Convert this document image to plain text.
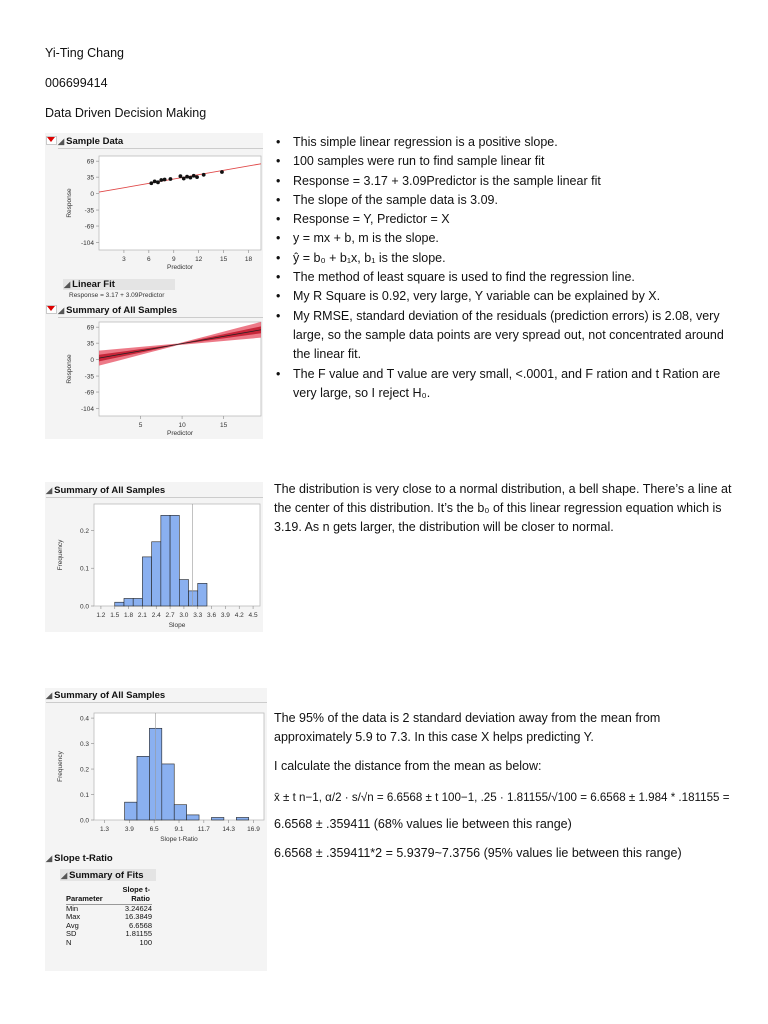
Yi-Ting Chang
006699414
Data Driven Decision Making
◢ Sample Data
69
35
0
-35
-69
-104
3	6	9	12	15	18
Predictor
Response
◢ Linear Fit
Response = 3.17 + 3.09Predictor
◢ Summary of All Samples
69
35
0
-35
-69
-104
5	10	15
Predictor
Response
• This simple linear regression is a positive slope.
• 100 samples were run to find sample linear fit
• Response = 3.17 + 3.09Predictor is the sample linear fit
• The slope of the sample data is 3.09.
• Response = Y, Predictor = X
• y = mx + b, m is the slope.
• ŷ = b₀ + b₁x, b₁ is the slope.
• The method of least square is used to find the regression line.
• My R Square is 0.92, very large, Y variable can be explained by X.
• My RMSE, standard deviation of the residuals (prediction errors) is 2.08, very large, so the sample data points are very spread out, not concentrated around the linear fit.
• The F value and T value are very small, <.0001, and F ration and t Ration are very large, so I reject H₀.
◢ Summary of All Samples
0.0
0.1
0.2
1.2 1.5 1.8 2.1 2.4 2.7 3.0 3.3 3.6 3.9 4.2 4.5
Slope
Frequency
The distribution is very close to a normal distribution, a bell shape. There’s a line at the center of this distribution. It’s the b₀ of this linear regression equation which is 3.19. As n gets larger, the distribution will be closer to normal.
◢ Summary of All Samples
0.0
0.1
0.2
0.3
0.4
1.3 3.9 6.5 9.1 11.7 14.3 16.9
Slope t-Ratio
Frequency
◢ Slope t-Ratio
◢ Summary of Fits
Parameter
Slope t-Ratio
Min	3.24624
Max	16.3849
Avg	6.6568
SD	1.81155
N	100
The 95% of the data is 2 standard deviation away from the mean from approximately 5.9 to 7.3. In this case X helps predicting Y.
I calculate the distance from the mean as below:
x̄ ± t n−1, α/2 · s/√n = 6.6568 ± t 100−1, .25 · 1.81155/√100 = 6.6568 ± 1.984 * .181155 =
6.6568 ± .359411 (68% values lie between this range)
6.6568 ± .359411*2 = 5.9379~7.3756 (95% values lie between this range)
